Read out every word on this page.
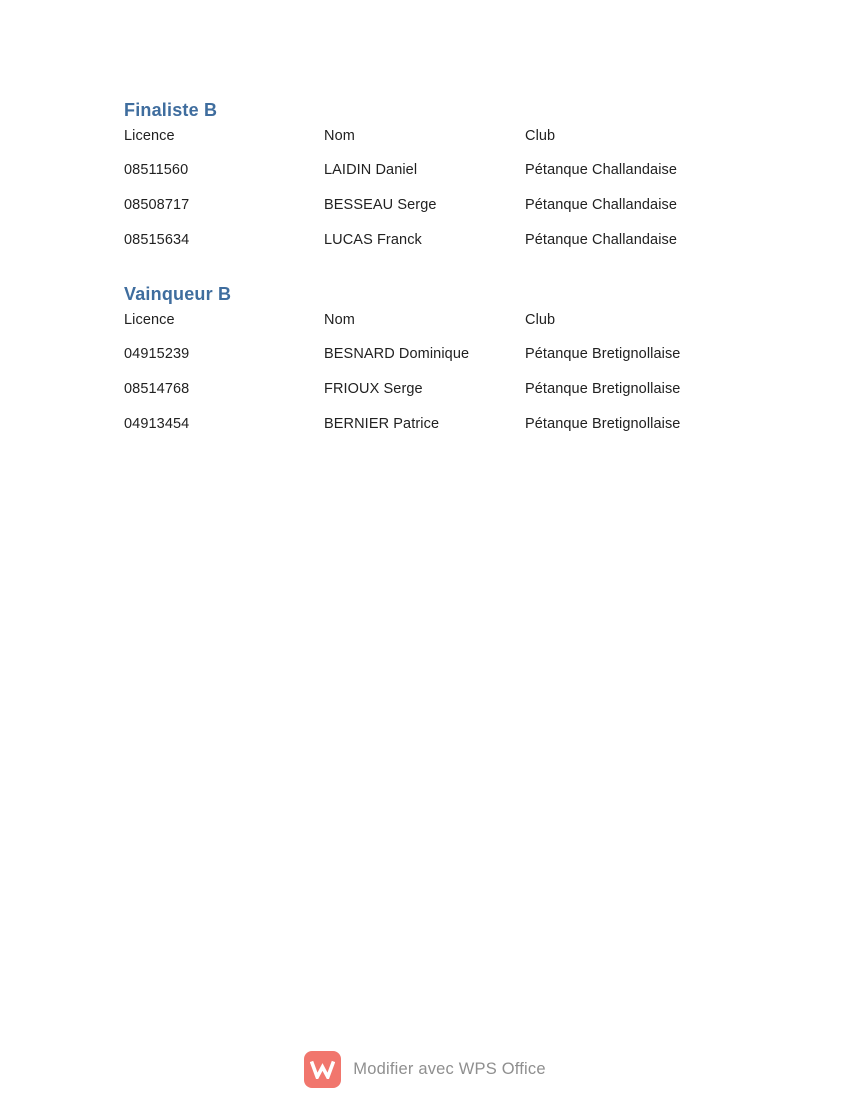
Finaliste B
Licence	Nom	Club
08511560	LAIDIN Daniel	Pétanque Challandaise
08508717	BESSEAU Serge	Pétanque Challandaise
08515634	LUCAS Franck	Pétanque Challandaise
Vainqueur B
Licence	Nom	Club
04915239	BESNARD Dominique	Pétanque Bretignollaise
08514768	FRIOUX Serge	Pétanque Bretignollaise
04913454	BERNIER Patrice	Pétanque Bretignollaise
Modifier avec WPS Office
